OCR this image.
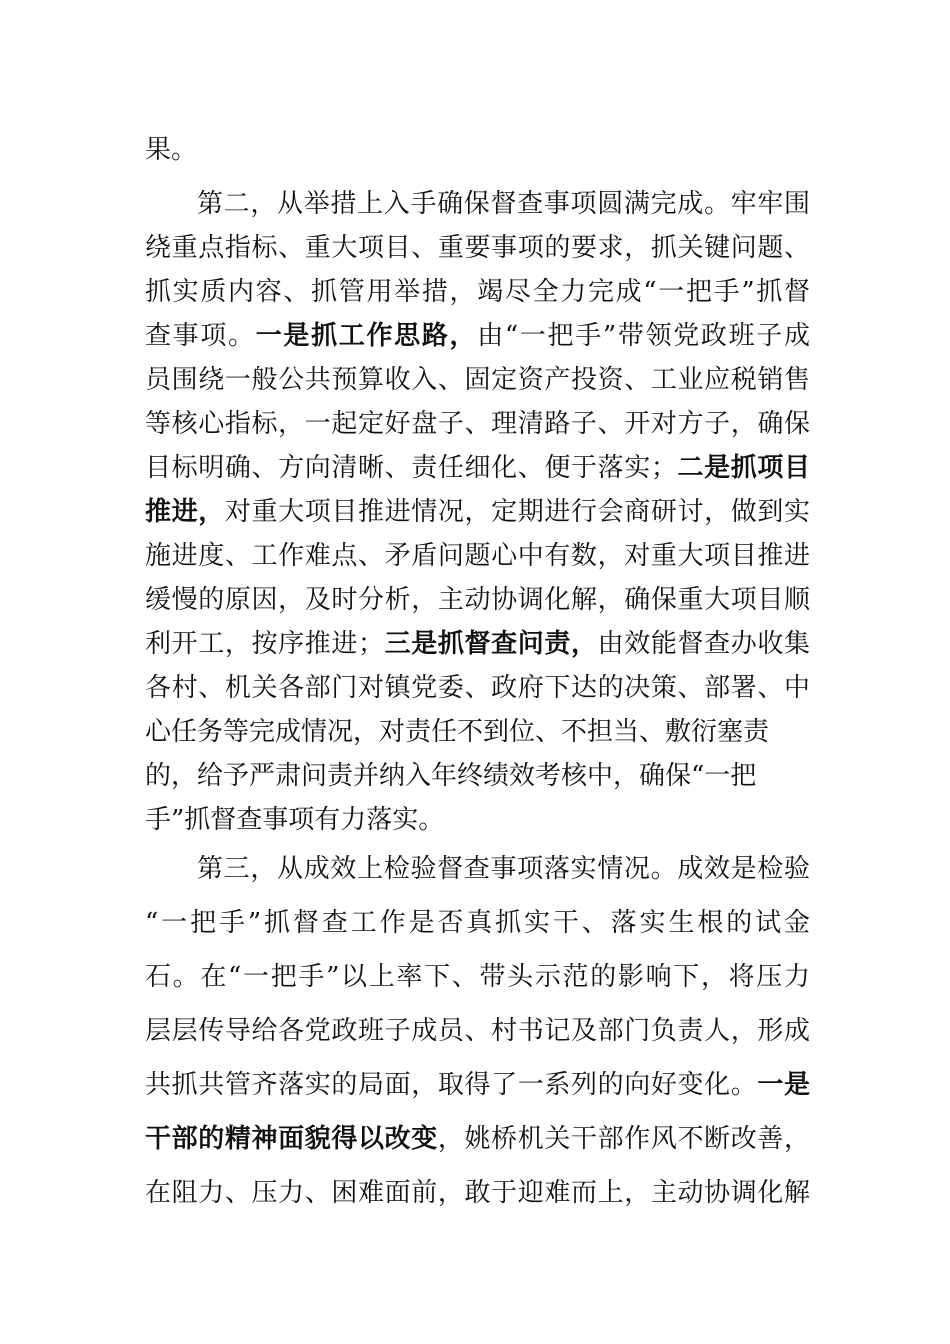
果。
第二，从举措上入手确保督查事项圆满完成。牢牢围
绕重点指标、重大项目、重要事项的要求，抓关键问题、
抓实质内容、抓管用举措，竭尽全力完成“一把手”抓督
查事项。一是抓工作思路，由“一把手”带领党政班子成
员围绕一般公共预算收入、固定资产投资、工业应税销售
等核心指标，一起定好盘子、理清路子、开对方子，确保
目标明确、方向清晰、责任细化、便于落实；二是抓项目
推进，对重大项目推进情况，定期进行会商研讨，做到实
施进度、工作难点、矛盾问题心中有数，对重大项目推进
缓慢的原因，及时分析，主动协调化解，确保重大项目顺
利开工，按序推进；三是抓督查问责，由效能督查办收集
各村、机关各部门对镇党委、政府下达的决策、部署、中
心任务等完成情况，对责任不到位、不担当、敷衍塞责
的，给予严肃问责并纳入年终绩效考核中，确保“一把
手”抓督查事项有力落实。
第三，从成效上检验督查事项落实情况。成效是检验
“一把手”抓督查工作是否真抓实干、落实生根的试金
石。在“一把手”以上率下、带头示范的影响下，将压力
层层传导给各党政班子成员、村书记及部门负责人，形成
共抓共管齐落实的局面，取得了一系列的向好变化。一是
干部的精神面貌得以改变，姚桥机关干部作风不断改善，
在阻力、压力、困难面前，敢于迎难而上，主动协调化解
